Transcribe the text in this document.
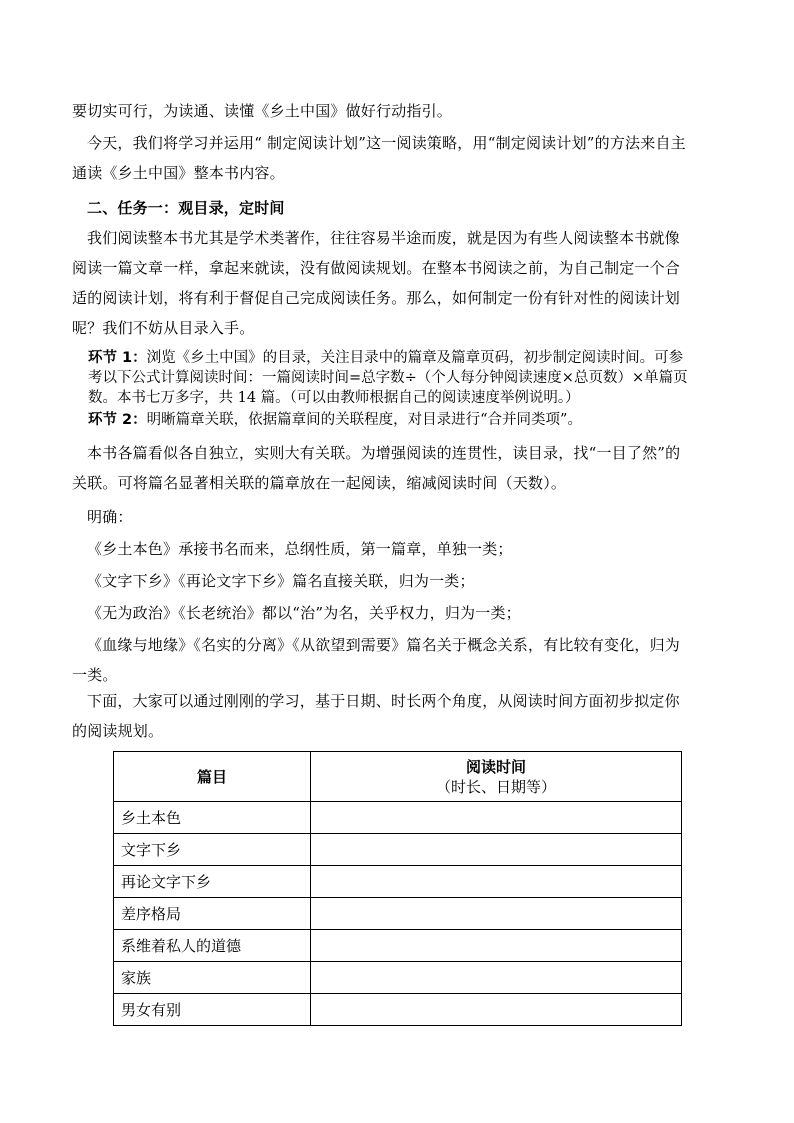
要切实可行，为读通、读懂《乡土中国》做好行动指引。

今天，我们将学习并运用“ 制定阅读计划”这一阅读策略，用“制定阅读计划”的方法来自主通读《乡土中国》整本书内容。

二、任务一：观目录，定时间

我们阅读整本书尤其是学术类著作，往往容易半途而废，就是因为有些人阅读整本书就像阅读一篇文章一样，拿起来就读，没有做阅读规划。在整本书阅读之前，为自己制定一个合适的阅读计划，将有利于督促自己完成阅读任务。那么，如何制定一份有针对性的阅读计划呢？我们不妨从目录入手。

环节 1：浏览《乡土中国》的目录，关注目录中的篇章及篇章页码，初步制定阅读时间。可参考以下公式计算阅读时间：一篇阅读时间=总字数÷（个人每分钟阅读速度×总页数）×单篇页数。本书七万多字，共 14 篇。（可以由教师根据自己的阅读速度举例说明。）

环节 2：明晰篇章关联，依据篇章间的关联程度，对目录进行“合并同类项”。

本书各篇看似各自独立，实则大有关联。为增强阅读的连贯性，读目录，找“一目了然”的关联。可将篇名显著相关联的篇章放在一起阅读，缩减阅读时间（天数）。

明确：

《乡土本色》承接书名而来，总纲性质，第一篇章，单独一类；

《文字下乡》《再论文字下乡》篇名直接关联，归为一类；

《无为政治》《长老统治》都以“治”为名，关乎权力，归为一类；

《血缘与地缘》《名实的分离》《从欲望到需要》篇名关于概念关系，有比较有变化，归为一类。

下面，大家可以通过刚刚的学习，基于日期、时长两个角度，从阅读时间方面初步拟定你的阅读规划。

篇目	阅读时间
（时长、日期等）

乡土本色	
文字下乡	
再论文字下乡	
差序格局	
系维着私人的道德	
家族	
男女有别	
